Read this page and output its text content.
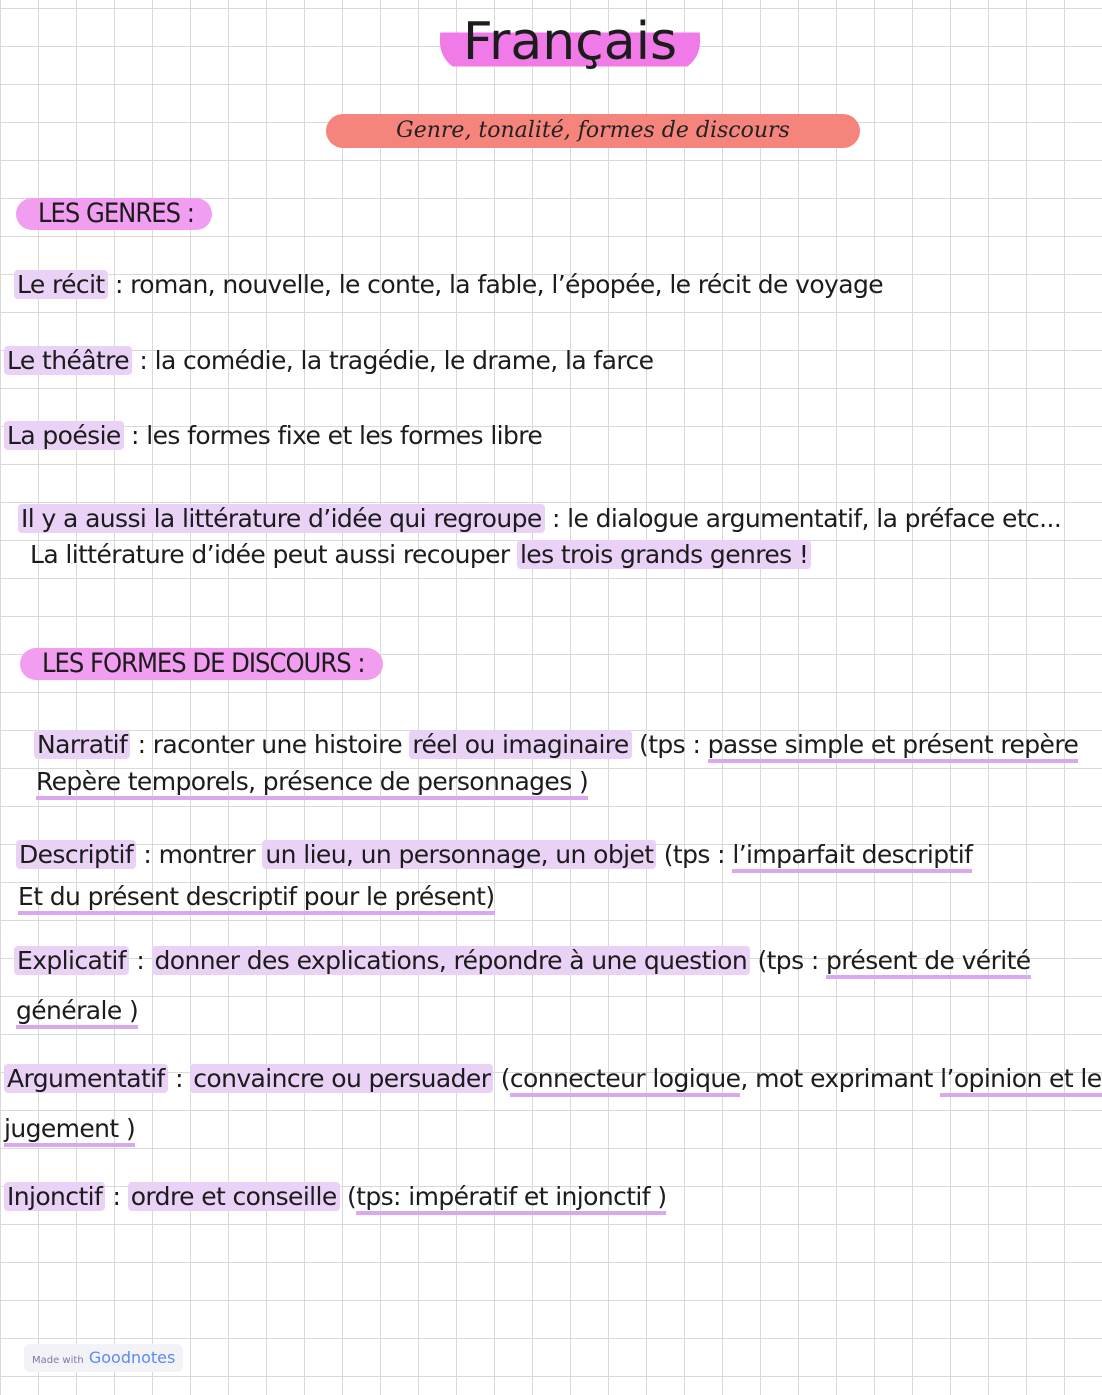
Français
Genre, tonalité, formes de discours
LES GENRES :
Le récit : roman, nouvelle, le conte, la fable, l’épopée, le récit de voyage
Le théâtre : la comédie, la tragédie, le drame, la farce
La poésie : les formes fixe et les formes libre
Il y a aussi la littérature d’idée qui regroupe : le dialogue argumentatif, la préface etc...
La littérature d’idée peut aussi recouper les trois grands genres !
LES FORMES DE DISCOURS :
Narratif : raconter une histoire réel ou imaginaire (tps : passe simple et présent repère
Repère temporels, présence de personnages )
Descriptif : montrer un lieu, un personnage, un objet (tps : l’imparfait descriptif
Et du présent descriptif pour le présent)
Explicatif : donner des explications, répondre à une question (tps : présent de vérité
générale )
Argumentatif : convaincre ou persuader (connecteur logique, mot exprimant l’opinion et le
jugement )
Injonctif : ordre et conseille (tps: impératif et injonctif )
Made with Goodnotes
